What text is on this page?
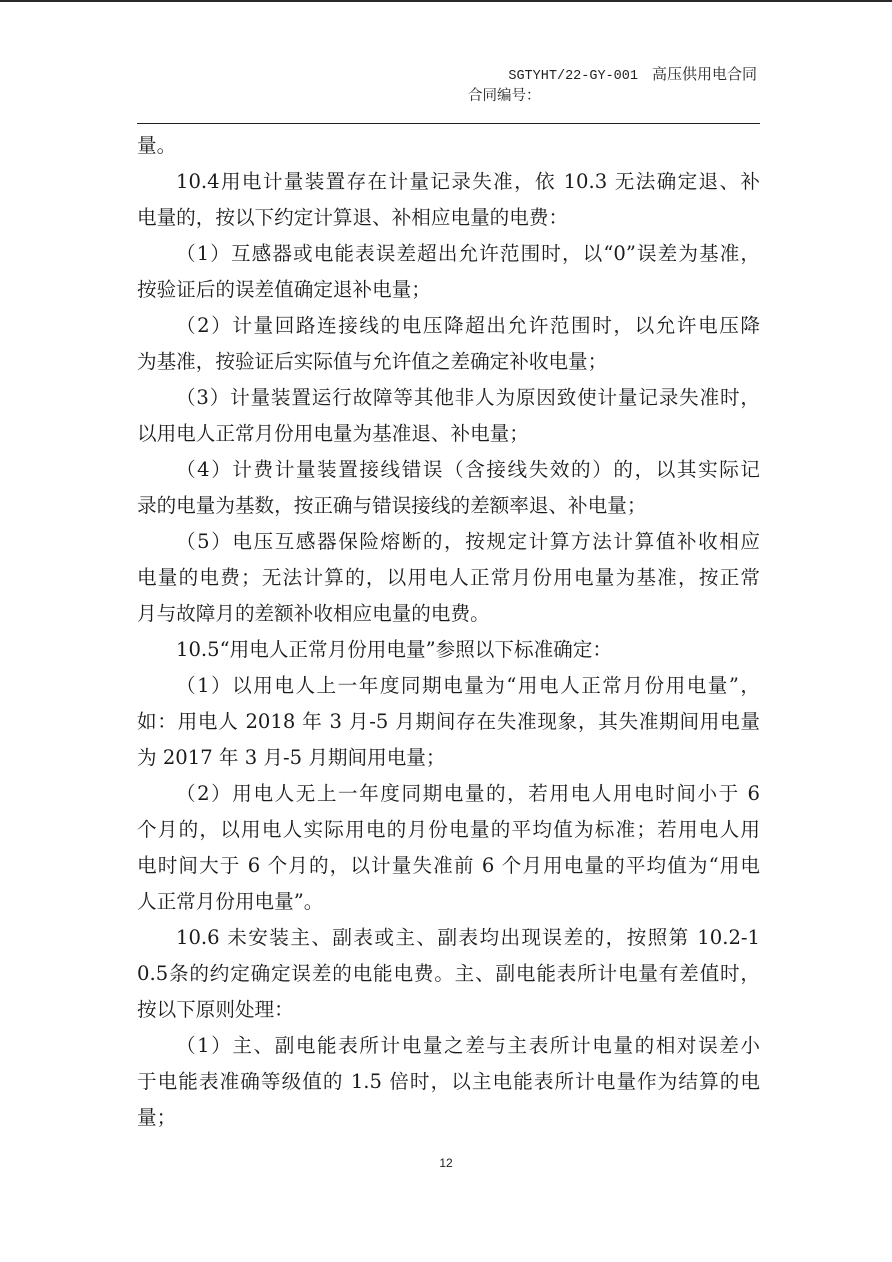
SGTYHT/22-GY-001 高压供用电合同
合同编号：
量。
10.4用电计量装置存在计量记录失准，依 10.3 无法确定退、补
电量的，按以下约定计算退、补相应电量的电费：
（1）互感器或电能表误差超出允许范围时，以“0”误差为基准，
按验证后的误差值确定退补电量；
（2）计量回路连接线的电压降超出允许范围时，以允许电压降
为基准，按验证后实际值与允许值之差确定补收电量；
（3）计量装置运行故障等其他非人为原因致使计量记录失准时，
以用电人正常月份用电量为基准退、补电量；
（4）计费计量装置接线错误（含接线失效的）的，以其实际记
录的电量为基数，按正确与错误接线的差额率退、补电量；
（5）电压互感器保险熔断的，按规定计算方法计算值补收相应
电量的电费；无法计算的，以用电人正常月份用电量为基准，按正常
月与故障月的差额补收相应电量的电费。
10.5“用电人正常月份用电量”参照以下标准确定：
（1）以用电人上一年度同期电量为“用电人正常月份用电量”，
如：用电人 2018 年 3 月-5 月期间存在失准现象，其失准期间用电量
为 2017 年 3 月-5 月期间用电量；
（2）用电人无上一年度同期电量的，若用电人用电时间小于 6
个月的，以用电人实际用电的月份电量的平均值为标准；若用电人用
电时间大于 6 个月的，以计量失准前 6 个月用电量的平均值为“用电
人正常月份用电量”。
10.6 未安装主、副表或主、副表均出现误差的，按照第 10.2-1
0.5条的约定确定误差的电能电费。主、副电能表所计电量有差值时，
按以下原则处理：
（1）主、副电能表所计电量之差与主表所计电量的相对误差小
于电能表准确等级值的 1.5 倍时，以主电能表所计电量作为结算的电
量；
12
